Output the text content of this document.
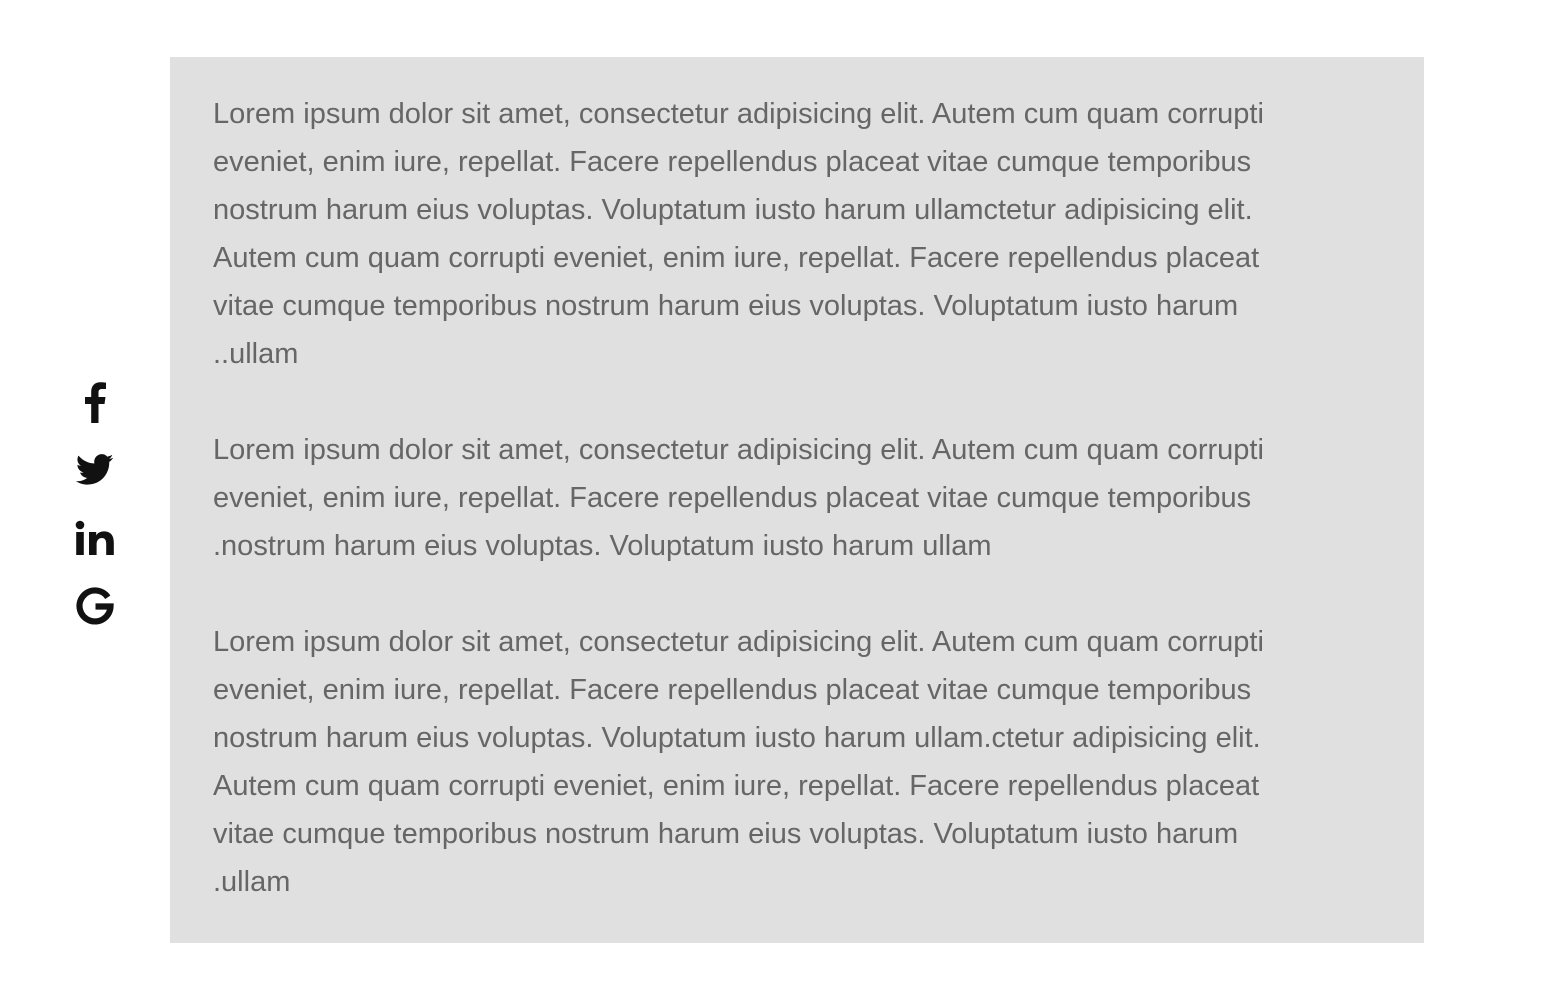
Lorem ipsum dolor sit amet, consectetur adipisicing elit. Autem cum quam corrupti
eveniet, enim iure, repellat. Facere repellendus placeat vitae cumque temporibus
nostrum harum eius voluptas. Voluptatum iusto harum ullamctetur adipisicing elit.
Autem cum quam corrupti eveniet, enim iure, repellat. Facere repellendus placeat
vitae cumque temporibus nostrum harum eius voluptas. Voluptatum iusto harum
..ullam

Lorem ipsum dolor sit amet, consectetur adipisicing elit. Autem cum quam corrupti
eveniet, enim iure, repellat. Facere repellendus placeat vitae cumque temporibus
.nostrum harum eius voluptas. Voluptatum iusto harum ullam

Lorem ipsum dolor sit amet, consectetur adipisicing elit. Autem cum quam corrupti
eveniet, enim iure, repellat. Facere repellendus placeat vitae cumque temporibus
nostrum harum eius voluptas. Voluptatum iusto harum ullam.ctetur adipisicing elit.
Autem cum quam corrupti eveniet, enim iure, repellat. Facere repellendus placeat
vitae cumque temporibus nostrum harum eius voluptas. Voluptatum iusto harum
.ullam
